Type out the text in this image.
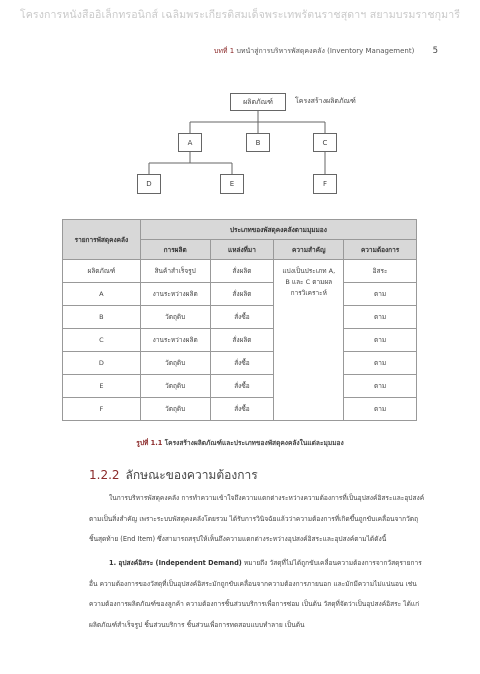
โครงการหนังสืออิเล็กทรอนิกส์ เฉลิมพระเกียรติสมเด็จพระเทพรัตนราชสุดาฯ สยามบรมราชกุมารี
บทที่ 1 บทนำสู่การบริหารพัสดุคงคลัง (Inventory Management) 5
ผลิตภัณฑ์	โครงสร้างผลิตภัณฑ์
A	B	C
D	E	F
รายการพัสดุคงคลัง	ประเภทของพัสดุคงคลังตามมุมมอง			
	การผลิต	แหล่งที่มา	ความสำคัญ	ความต้องการ
ผลิตภัณฑ์	สินค้าสำเร็จรูป	สั่งผลิต	แบ่งเป็นประเภท A, B และ C ตามผลการวิเคราะห์	อิสระ
A	งานระหว่างผลิต	สั่งผลิต		ตาม
B	วัตถุดิบ	สั่งซื้อ		ตาม
C	งานระหว่างผลิต	สั่งผลิต		ตาม
D	วัตถุดิบ	สั่งซื้อ		ตาม
E	วัตถุดิบ	สั่งซื้อ		ตาม
F	วัตถุดิบ	สั่งซื้อ		ตาม
รูปที่ 1.1 โครงสร้างผลิตภัณฑ์และประเภทของพัสดุคงคลังในแต่ละมุมมอง
1.2.2 ลักษณะของความต้องการ
ในการบริหารพัสดุคงคลัง การทำความเข้าใจถึงความแตกต่างระหว่างความต้องการที่เป็นอุปสงค์อิสระและอุปสงค์ตามเป็นสิ่งสำคัญ เพราะระบบพัสดุคงคลังโดยรวม ได้รับการวินิจฉัยแล้วว่าความต้องการที่เกิดขึ้นถูกขับเคลื่อนจากวัตถุชิ้นสุดท้าย (End Item) ซึ่งสามารถสรุปให้เห็นถึงความแตกต่างระหว่างอุปสงค์อิสระและอุปสงค์ตามได้ดังนี้
1. อุปสงค์อิสระ (Independent Demand) หมายถึง วัสดุที่ไม่ได้ถูกขับเคลื่อนความต้องการจากวัสดุรายการอื่น ความต้องการของวัสดุที่เป็นอุปสงค์อิสระมักถูกขับเคลื่อนจากความต้องการภายนอก และมักมีความไม่แน่นอน เช่น ความต้องการผลิตภัณฑ์ของลูกค้า ความต้องการชิ้นส่วนบริการเพื่อการซ่อม เป็นต้น วัสดุที่จัดว่าเป็นอุปสงค์อิสระ ได้แก่ ผลิตภัณฑ์สำเร็จรูป ชิ้นส่วนบริการ ชิ้นส่วนเพื่อการทดสอบแบบทำลาย เป็นต้น
